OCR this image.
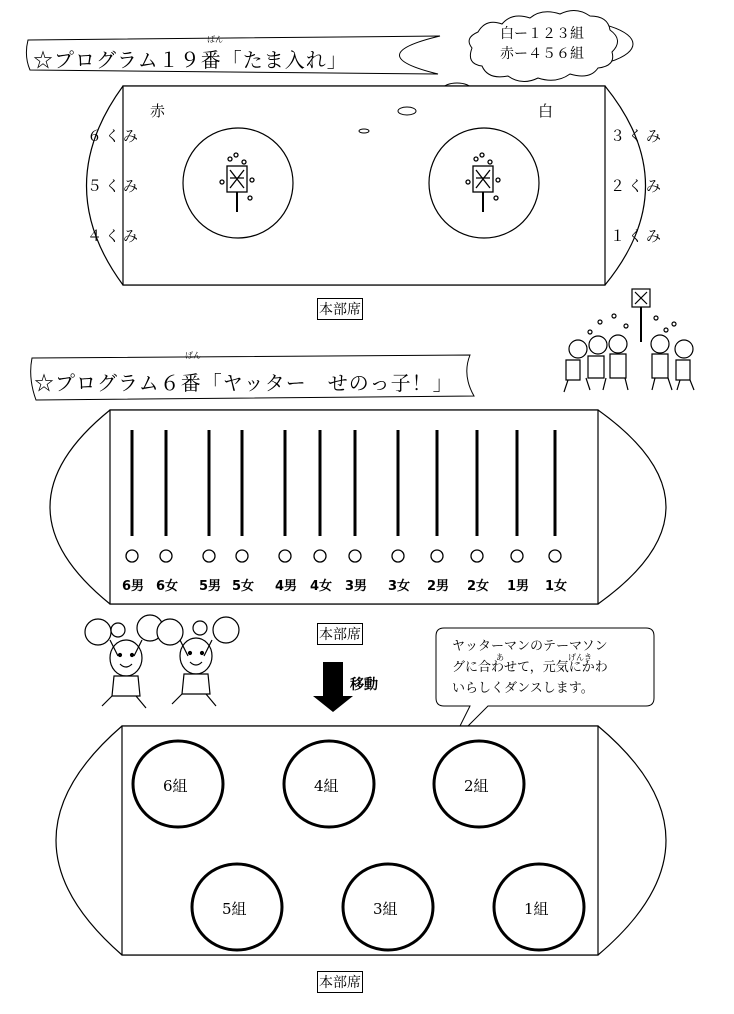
ばん
☆プログラム１９番「たま入れ」
白ー１２３組
赤ー４５６組
赤	白
６くみ
５くみ
４くみ
３くみ
２くみ
１くみ
本部席
ばん
☆プログラム６番「ヤッター　せのっ子！」
6男 6女 5男 5女 4男 4女 3男 3女 2男 2女 1男 1女
本部席
移動
あ	げんき
ヤッターマンのテーマソン
グに合わせて，元気にかわ
いらしくダンスします。
6組	4組	2組
5組	3組	1組
本部席
